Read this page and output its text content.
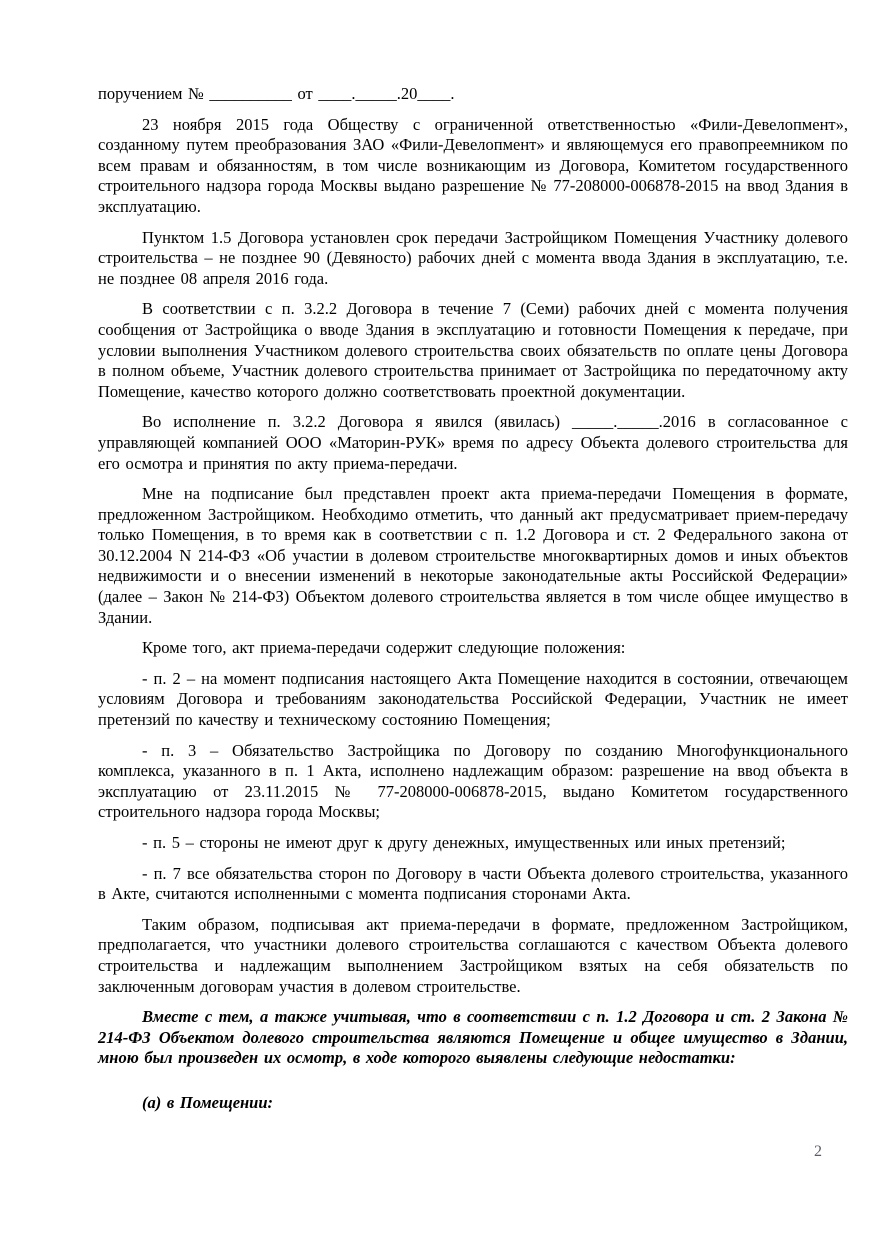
поручением № __________ от ____._____.20____.

23 ноября 2015 года Обществу с ограниченной ответственностью «Фили-Девелопмент», созданному путем преобразования ЗАО «Фили-Девелопмент» и являющемуся его правопреемником по всем правам и обязанностям, в том числе возникающим из Договора, Комитетом государственного строительного надзора города Москвы выдано разрешение № 77-208000-006878-2015 на ввод Здания в эксплуатацию.

Пунктом 1.5 Договора установлен срок передачи Застройщиком Помещения Участнику долевого строительства – не позднее 90 (Девяносто) рабочих дней с момента ввода Здания в эксплуатацию, т.е. не позднее 08 апреля 2016 года.

В соответствии с п. 3.2.2 Договора в течение 7 (Семи) рабочих дней с момента получения сообщения от Застройщика о вводе Здания в эксплуатацию и готовности Помещения к передаче, при условии выполнения Участником долевого строительства своих обязательств по оплате цены Договора в полном объеме, Участник долевого строительства принимает от Застройщика по передаточному акту Помещение, качество которого должно соответствовать проектной документации.

Во исполнение п. 3.2.2 Договора я явился (явилась) _____._____.2016 в согласованное с управляющей компанией ООО «Маторин-РУК» время по адресу Объекта долевого строительства для его осмотра и принятия по акту приема-передачи.

Мне на подписание был представлен проект акта приема-передачи Помещения в формате, предложенном Застройщиком. Необходимо отметить, что данный акт предусматривает прием-передачу только Помещения, в то время как в соответствии с п. 1.2 Договора и ст. 2 Федерального закона от 30.12.2004 N 214-ФЗ «Об участии в долевом строительстве многоквартирных домов и иных объектов недвижимости и о внесении изменений в некоторые законодательные акты Российской Федерации» (далее – Закон № 214-ФЗ) Объектом долевого строительства является в том числе общее имущество в Здании.

Кроме того, акт приема-передачи содержит следующие положения:

- п. 2 – на момент подписания настоящего Акта Помещение находится в состоянии, отвечающем условиям Договора и требованиям законодательства Российской Федерации, Участник не имеет претензий по качеству и техническому состоянию Помещения;

- п. 3 – Обязательство Застройщика по Договору по созданию Многофункционального комплекса, указанного в п. 1 Акта, исполнено надлежащим образом: разрешение на ввод объекта в эксплуатацию от 23.11.2015 № 77-208000-006878-2015, выдано Комитетом государственного строительного надзора города Москвы;

- п. 5 – стороны не имеют друг к другу денежных, имущественных или иных претензий;

- п. 7 все обязательства сторон по Договору в части Объекта долевого строительства, указанного в Акте, считаются исполненными с момента подписания сторонами Акта.

Таким образом, подписывая акт приема-передачи в формате, предложенном Застройщиком, предполагается, что участники долевого строительства соглашаются с качеством Объекта долевого строительства и надлежащим выполнением Застройщиком взятых на себя обязательств по заключенным договорам участия в долевом строительстве.

Вместе с тем, а также учитывая, что в соответствии с п. 1.2 Договора и ст. 2 Закона № 214-ФЗ Объектом долевого строительства являются Помещение и общее имущество в Здании, мною был произведен их осмотр, в ходе которого выявлены следующие недостатки:

(а) в Помещении:

2
